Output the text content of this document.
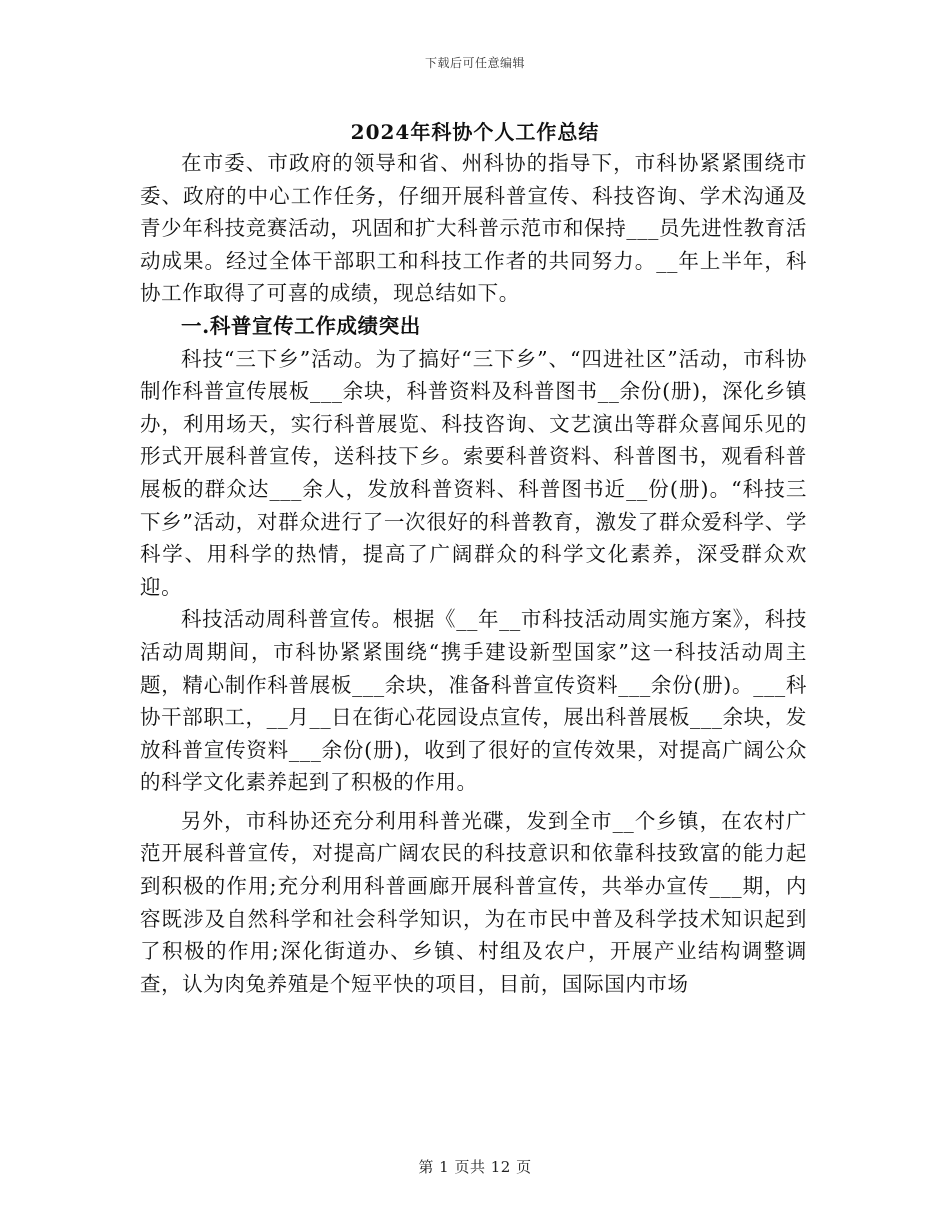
下载后可任意编辑
2024年科协个人工作总结

在市委、市政府的领导和省、州科协的指导下，市科协紧紧围绕市委、政府的中心工作任务，仔细开展科普宣传、科技咨询、学术沟通及青少年科技竞赛活动，巩固和扩大科普示范市和保持___员先进性教育活动成果。经过全体干部职工和科技工作者的共同努力。__年上半年，科协工作取得了可喜的成绩，现总结如下。

一.科普宣传工作成绩突出

科技“三下乡”活动。为了搞好“三下乡”、“四进社区”活动，市科协制作科普宣传展板___余块，科普资料及科普图书__余份(册)，深化乡镇办，利用场天，实行科普展览、科技咨询、文艺演出等群众喜闻乐见的形式开展科普宣传，送科技下乡。索要科普资料、科普图书，观看科普展板的群众达___余人，发放科普资料、科普图书近__份(册)。“科技三下乡”活动，对群众进行了一次很好的科普教育，激发了群众爱科学、学科学、用科学的热情，提高了广阔群众的科学文化素养，深受群众欢迎。

科技活动周科普宣传。根据《__年__市科技活动周实施方案》，科技活动周期间，市科协紧紧围绕“携手建设新型国家”这一科技活动周主题，精心制作科普展板___余块，准备科普宣传资料___余份(册)。___科协干部职工，__月__日在街心花园设点宣传，展出科普展板___余块，发放科普宣传资料___余份(册)，收到了很好的宣传效果，对提高广阔公众的科学文化素养起到了积极的作用。

另外，市科协还充分利用科普光碟，发到全市__个乡镇，在农村广范开展科普宣传，对提高广阔农民的科技意识和依靠科技致富的能力起到积极的作用;充分利用科普画廊开展科普宣传，共举办宣传___期，内容既涉及自然科学和社会科学知识，为在市民中普及科学技术知识起到了积极的作用;深化街道办、乡镇、村组及农户，开展产业结构调整调查，认为肉兔养殖是个短平快的项目，目前，国际国内市场

第 1 页共 12 页
